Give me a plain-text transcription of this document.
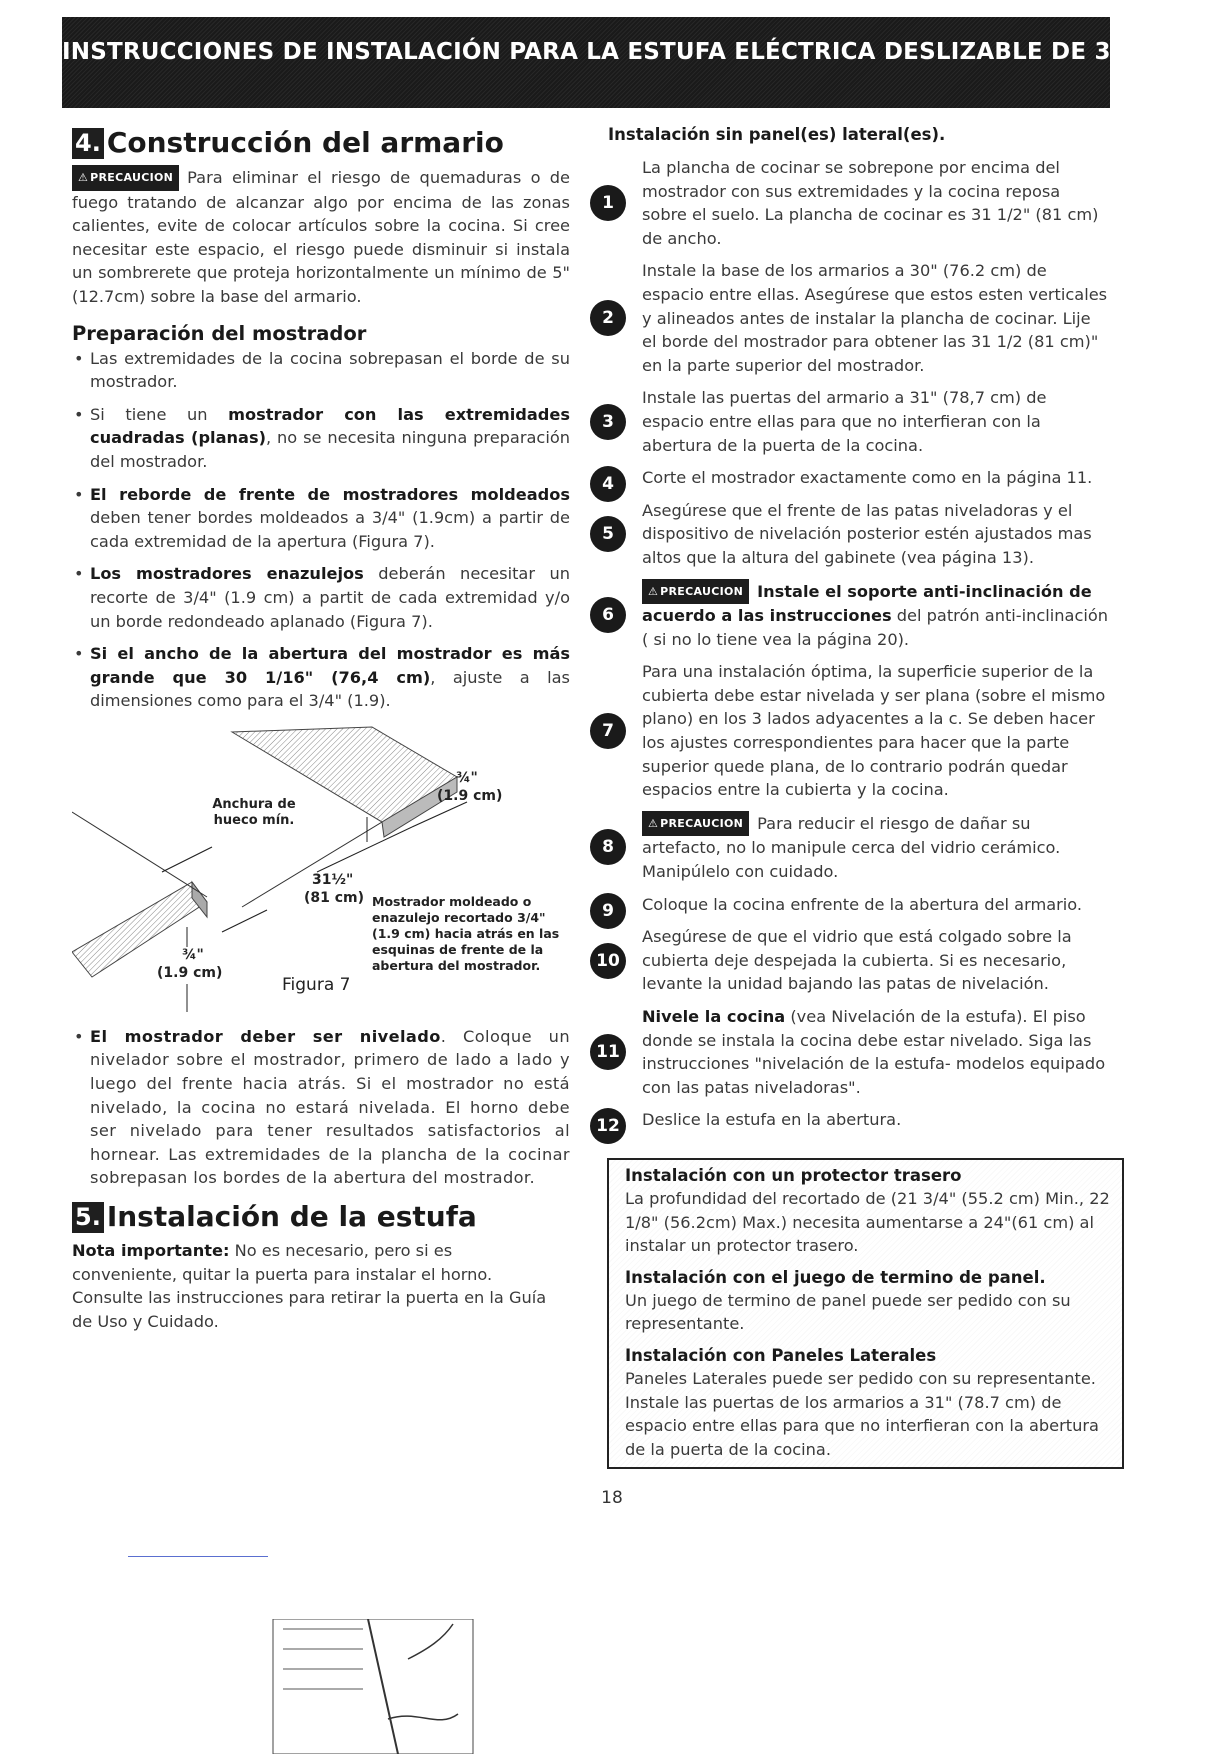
INSTRUCCIONES DE INSTALACIÓN PARA LA ESTUFA ELÉCTRICA DESLIZABLE DE 30"
4. Construcción del armario

⚠ PRECAUCION Para eliminar el riesgo de quemaduras o de fuego tratando de alcanzar algo por encima de las zonas calientes, evite de colocar artículos sobre la cocina. Si cree necesitar este espacio, el riesgo puede disminuir si instala un sombrerete que proteja horizontalmente un mínimo de 5" (12.7cm) sobre la base del armario.

Preparación del mostrador
• Las extremidades de la cocina sobrepasan el borde de su mostrador.
• Si tiene un mostrador con las extremidades cuadradas (planas), no se necesita ninguna preparación del mostrador.
• El reborde de frente de mostradores moldeados deben tener bordes moldeados a 3/4" (1.9cm) a partir de cada extremidad de la apertura (Figura 7).
• Los mostradores enazulejos deberán necesitar un recorte de 3/4" (1.9 cm) a partit de cada extremidad y/o un borde redondeado aplanado (Figura 7).
• Si el ancho de la abertura del mostrador es más grande que 30 1/16" (76,4 cm), ajuste a las dimensiones como para el 3/4" (1.9).
Anchura de hueco mín.
¾"
(1.9 cm)
31½"
(81 cm)
¾"
(1.9 cm)
Mostrador moldeado o enazulejo recortado 3/4" (1.9 cm) hacia atrás en las esquinas de frente de la abertura del mostrador.
Figura 7
• El mostrador deber ser nivelado. Coloque un nivelador sobre el mostrador, primero de lado a lado y luego del frente hacia atrás. Si el mostrador no está nivelado, la cocina no estará nivelada. El horno debe ser nivelado para tener resultados satisfactorios al hornear. Las extremidades de la plancha de la cocinar sobrepasan los bordes de la abertura del mostrador.
5. Instalación de la estufa

Nota importante: No es necesario, pero si es conveniente, quitar la puerta para instalar el horno. Consulte las instrucciones para retirar la puerta en la Guía de Uso y Cuidado.

Instalación sin panel(es) lateral(es).
1

La plancha de cocinar se sobrepone por encima del mostrador con sus extremidades y la cocina reposa sobre el suelo. La plancha de cocinar es 31 1/2" (81 cm) de ancho.

2

Instale la base de los armarios a 30" (76.2 cm) de espacio entre ellas. Asegúrese que estos esten verticales y alineados antes de instalar la plancha de cocinar. Lije el borde del mostrador para obtener las 31 1/2 (81 cm)" en la parte superior del mostrador.

3

Instale las puertas del armario a 31" (78,7 cm) de espacio entre ellas para que no interfieran con la abertura de la puerta de la cocina.

4	Corte el mostrador exactamente como en la página 11.

5

Asegúrese que el frente de las patas niveladoras y el dispositivo de nivelación posterior estén ajustados mas altos que la altura del gabinete (vea página 13).

6

⚠ PRECAUCION Instale el soporte anti-inclinación de acuerdo a las instrucciones del patrón anti-inclinación ( si no lo tiene vea la página 20).

7

Para una instalación óptima, la superficie superior de la cubierta debe estar nivelada y ser plana (sobre el mismo plano) en los 3 lados adyacentes a la c. Se deben hacer los ajustes correspondientes para hacer que la parte superior quede plana, de lo contrario podrán quedar espacios entre la cubierta y la cocina.

8

⚠ PRECAUCION Para reducir el riesgo de dañar su artefacto, no lo manipule cerca del vidrio cerámico. Manipúlelo con cuidado.

9	Coloque la cocina enfrente de la abertura del armario.

10

Asegúrese de que el vidrio que está colgado sobre la cubierta deje despejada la cubierta. Si es necesario, levante la unidad bajando las patas de nivelación.

11

Nivele la cocina (vea Nivelación de la estufa). El piso donde se instala la cocina debe estar nivelado. Siga las instrucciones "nivelación de la estufa- modelos equipado con las patas niveladoras".

12	Deslice la estufa en la abertura.

Instalación con un protector trasero

La profundidad del recortado de (21 3/4" (55.2 cm) Min., 22 1/8" (56.2cm) Max.) necesita aumentarse a 24"(61 cm) al instalar un protector trasero.

Instalación con el juego de termino de panel.

Un juego de termino de panel puede ser pedido con su representante.

Instalación con Paneles Laterales

Paneles Laterales puede ser pedido con su representante. Instale las puertas de los armarios a 31" (78.7 cm) de espacio entre ellas para que no interfieran con la abertura de la puerta de la cocina.

18
